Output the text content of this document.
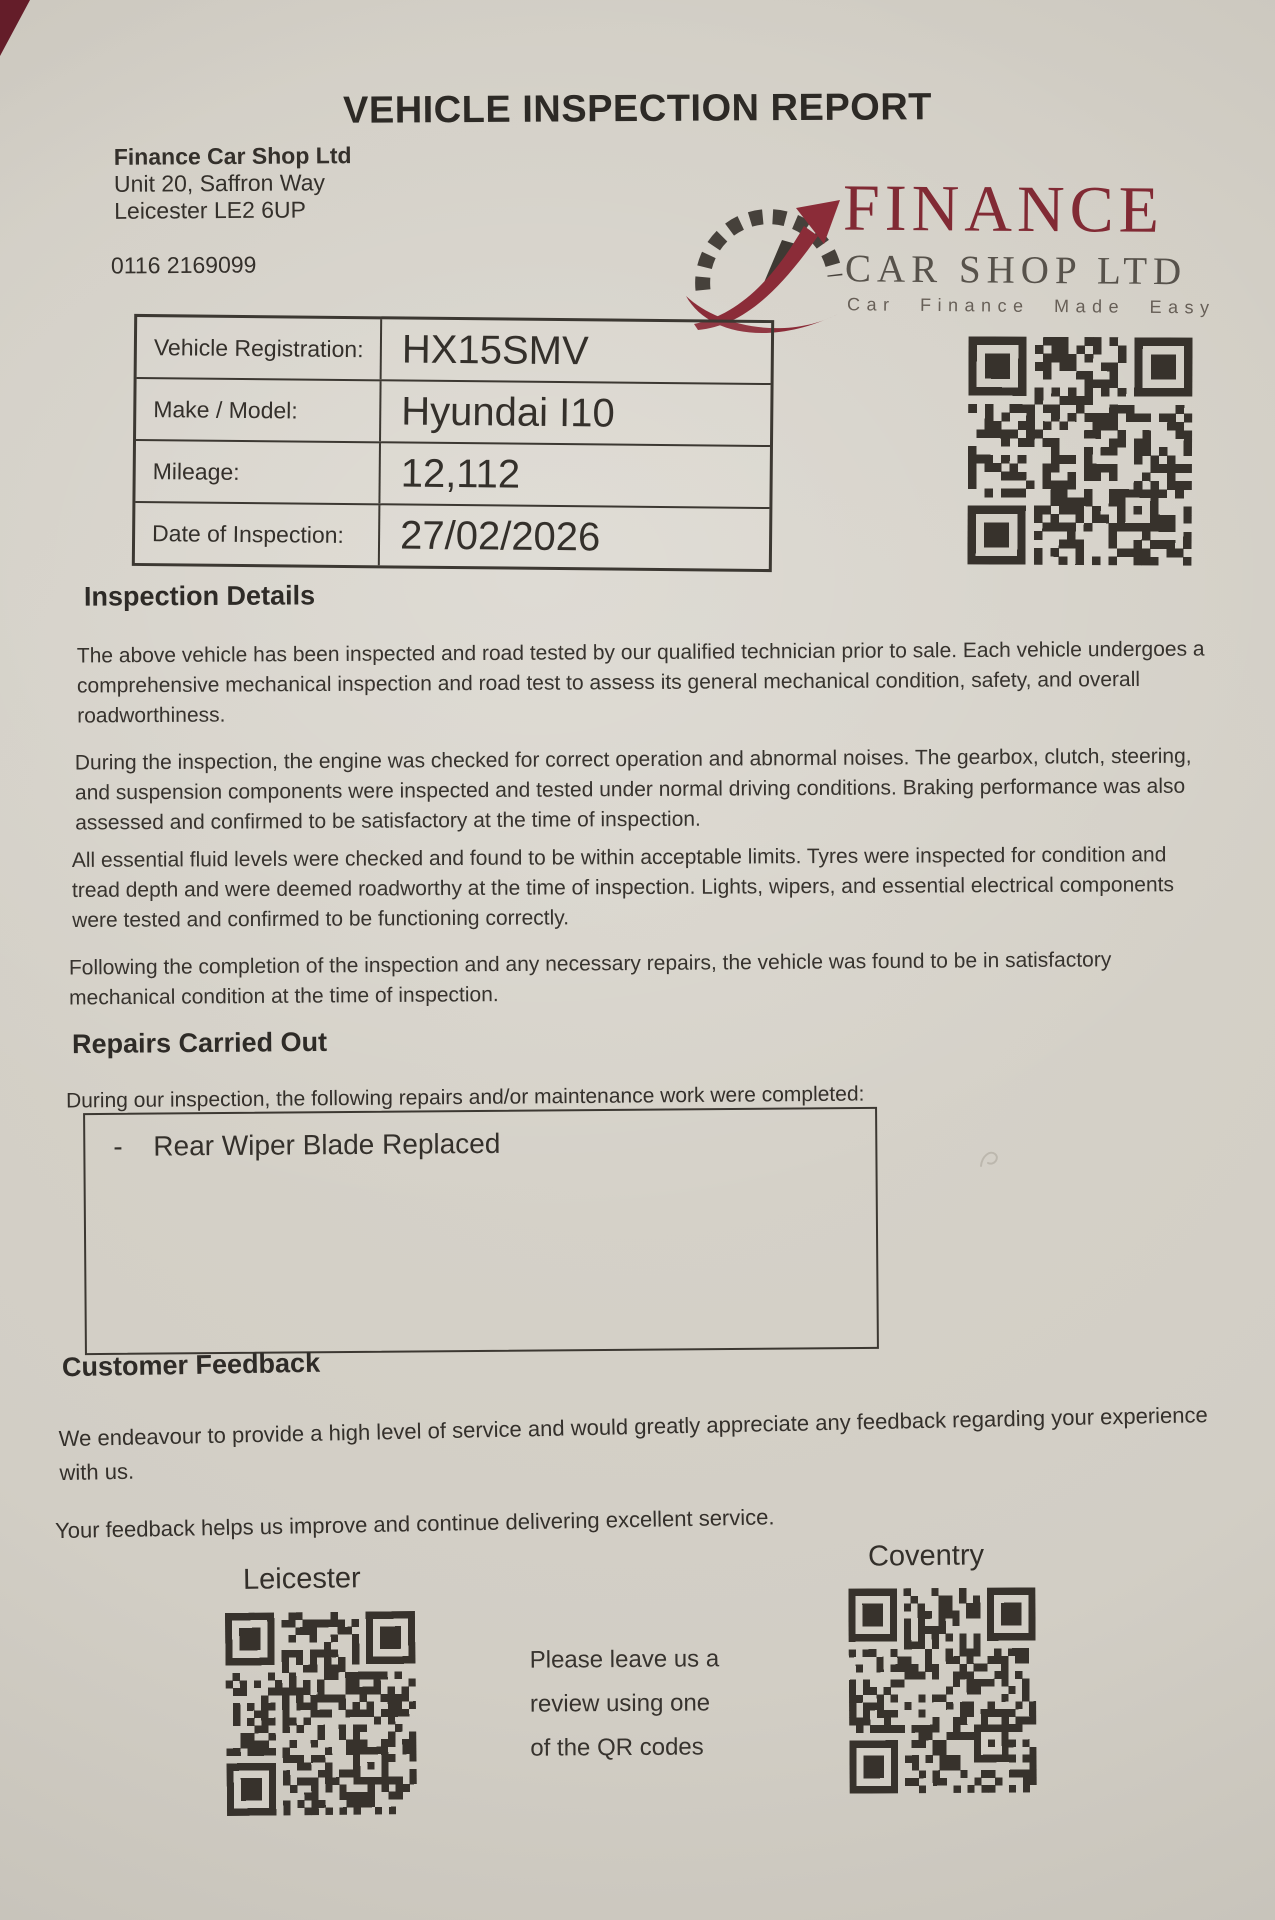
VEHICLE INSPECTION REPORT
Finance Car Shop Ltd
Unit 20, Saffron Way
Leicester LE2 6UP
0116 2169099
FINANCE
CAR SHOP LTD
Car Finance Made Easy
Vehicle Registration: HX15SMV
Make / Model:	Hyundai I10
Mileage:	12,112
Date of Inspection:	27/02/2026
Inspection Details
The above vehicle has been inspected and road tested by our qualified technician prior to sale. Each vehicle undergoes a comprehensive mechanical inspection and road test to assess its general mechanical condition, safety, and overall roadworthiness.
During the inspection, the engine was checked for correct operation and abnormal noises. The gearbox, clutch, steering, and suspension components were inspected and tested under normal driving conditions. Braking performance was also assessed and confirmed to be satisfactory at the time of inspection.
All essential fluid levels were checked and found to be within acceptable limits. Tyres were inspected for condition and tread depth and were deemed roadworthy at the time of inspection. Lights, wipers, and essential electrical components were tested and confirmed to be functioning correctly.
Following the completion of the inspection and any necessary repairs, the vehicle was found to be in satisfactory mechanical condition at the time of inspection.
Repairs Carried Out
During our inspection, the following repairs and/or maintenance work were completed:
- Rear Wiper Blade Replaced
Customer Feedback
We endeavour to provide a high level of service and would greatly appreciate any feedback regarding your experience with us.
Your feedback helps us improve and continue delivering excellent service.
Leicester
Coventry
Please leave us a
review using one
of the QR codes
